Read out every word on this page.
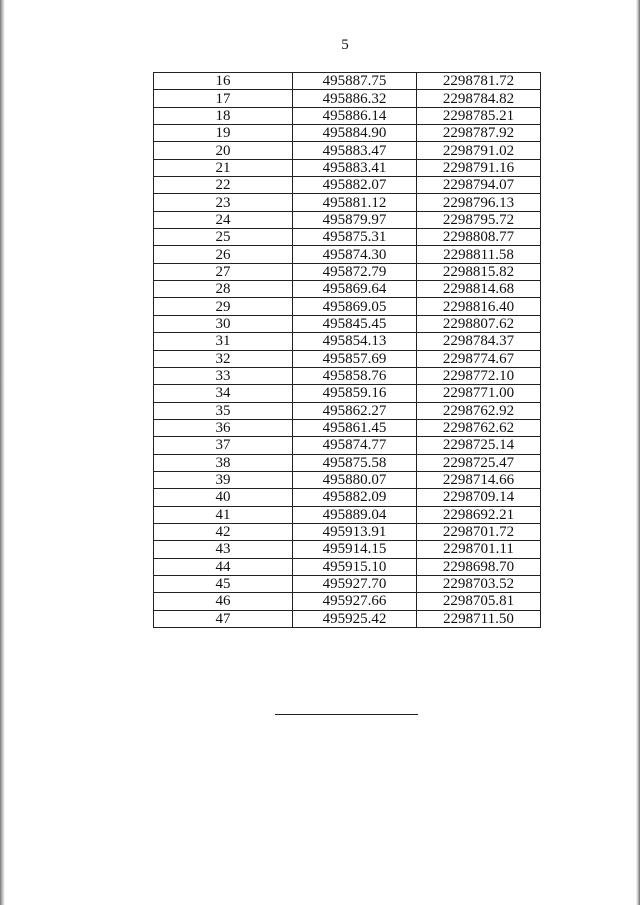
5
16	495887.75	2298781.72
17	495886.32	2298784.82
18	495886.14	2298785.21
19	495884.90	2298787.92
20	495883.47	2298791.02
21	495883.41	2298791.16
22	495882.07	2298794.07
23	495881.12	2298796.13
24	495879.97	2298795.72
25	495875.31	2298808.77
26	495874.30	2298811.58
27	495872.79	2298815.82
28	495869.64	2298814.68
29	495869.05	2298816.40
30	495845.45	2298807.62
31	495854.13	2298784.37
32	495857.69	2298774.67
33	495858.76	2298772.10
34	495859.16	2298771.00
35	495862.27	2298762.92
36	495861.45	2298762.62
37	495874.77	2298725.14
38	495875.58	2298725.47
39	495880.07	2298714.66
40	495882.09	2298709.14
41	495889.04	2298692.21
42	495913.91	2298701.72
43	495914.15	2298701.11
44	495915.10	2298698.70
45	495927.70	2298703.52
46	495927.66	2298705.81
47	495925.42	2298711.50
